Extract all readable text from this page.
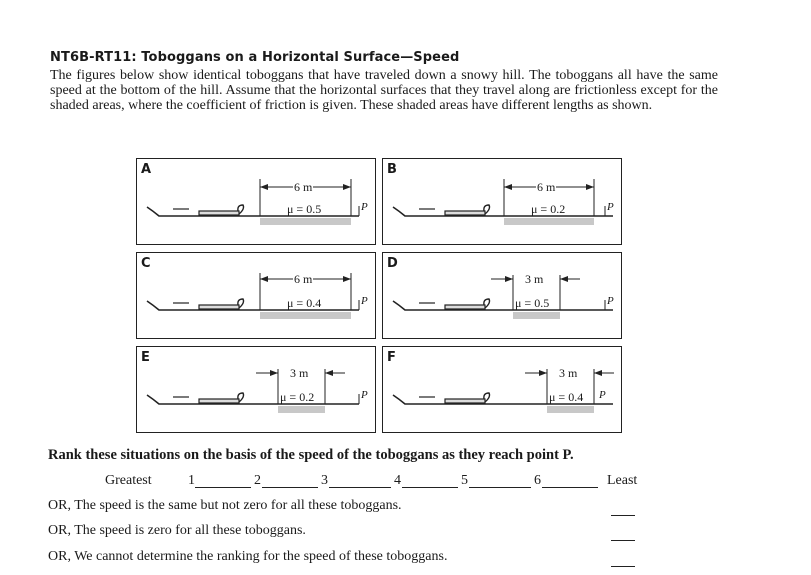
NT6B-RT11: Toboggans on a Horizontal Surface—Speed
The figures below show identical toboggans that have traveled down a snowy hill. The toboggans all have the same speed at the bottom of the hill. Assume that the horizontal surfaces that they travel along are frictionless except for the shaded areas, where the coefficient of friction is given. These shaded areas have different lengths as shown.
A
6 m
μ = 0.5	P
B
6 m
μ = 0.2	P
C
6 m
μ = 0.4	P
D
3 m
μ = 0.5	P
E
3 m
μ = 0.2	P
F
3 m
μ = 0.4 P
Rank these situations on the basis of the speed of the toboggans as they reach point P.
Greatest	1	2	3	4	5	6	Least
OR, The speed is the same but not zero for all these toboggans.
OR, The speed is zero for all these toboggans.
OR, We cannot determine the ranking for the speed of these toboggans.
